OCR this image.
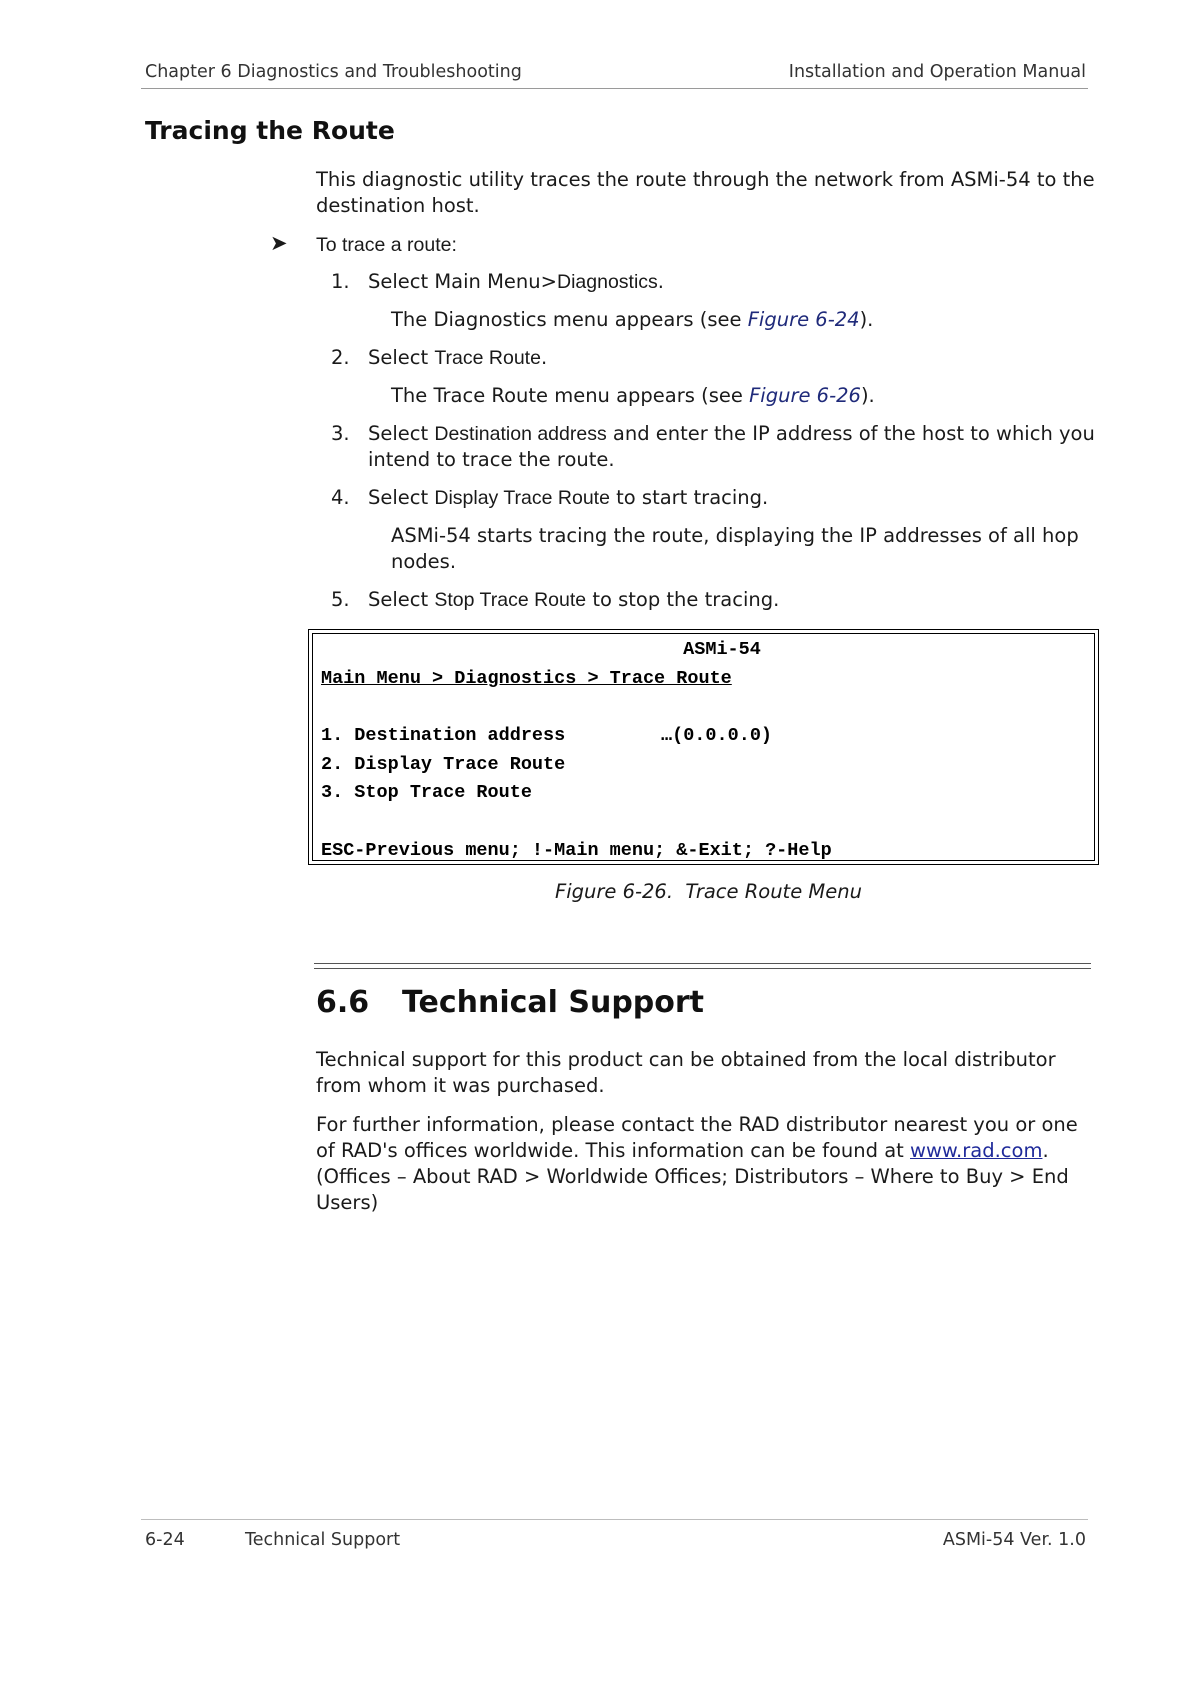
Chapter 6 Diagnostics and Troubleshooting	Installation and Operation Manual
Tracing the Route
This diagnostic utility traces the route through the network from ASMi-54 to the destination host.
➤ To trace a route:
1. Select Main Menu>Diagnostics.
The Diagnostics menu appears (see Figure 6-24).
2. Select Trace Route.
The Trace Route menu appears (see Figure 6-26).
3. Select Destination address and enter the IP address of the host to which you intend to trace the route.
4. Select Display Trace Route to start tracing.
ASMi-54 starts tracing the route, displaying the IP addresses of all hop nodes.
5. Select Stop Trace Route to stop the tracing.
ASMi-54
Main Menu > Diagnostics > Trace Route
1. Destination address	…(0.0.0.0)
2. Display Trace Route
3. Stop Trace Route
ESC-Previous menu; !-Main menu; &-Exit; ?-Help
Figure 6-26.  Trace Route Menu
6.6 Technical Support
Technical support for this product can be obtained from the local distributor from whom it was purchased.
For further information, please contact the RAD distributor nearest you or one of RAD's offices worldwide. This information can be found at www.rad.com. (Offices – About RAD > Worldwide Offices; Distributors – Where to Buy > End Users)
6-24	Technical Support	ASMi-54 Ver. 1.0
